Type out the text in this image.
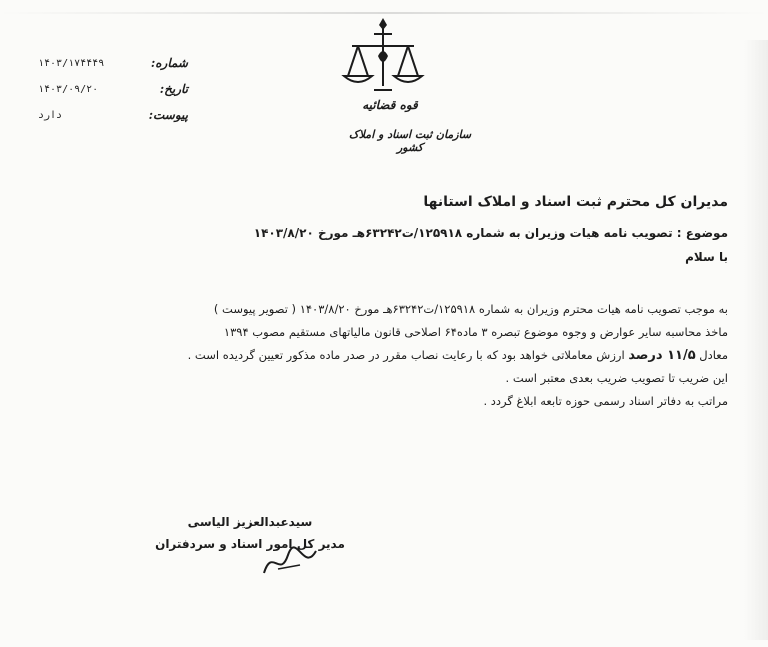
شماره:
۱۴۰۳/۱۷۴۴۴۹
تاریخ:
۱۴۰۳/۰۹/۲۰
پیوست:
دارد
قوه قضائیه
سازمان ثبت اسناد و املاک کشور
مدیران کل محترم ثبت اسناد و املاک استانها
موضوع : تصویب نامه هیات وزیران به شماره ۱۲۵۹۱۸/ت۶۳۲۴۲هـ مورخ ۱۴۰۳/۸/۲۰
با سلام

به موجب تصویب نامه هیات محترم وزیران به شماره ۱۲۵۹۱۸/ت۶۳۲۴۲هـ مورخ ۱۴۰۳/۸/۲۰ ( تصویر پیوست )

ماخذ محاسبه سایر عوارض و وجوه موضوع تبصره ۳ ماده۶۴ اصلاحی قانون مالیاتهای مستقیم مصوب ۱۳۹۴

معادل ۱۱/۵ درصد ارزش معاملاتی خواهد بود که با رعایت نصاب مقرر در صدر ماده مذکور تعیین گردیده است .

این ضریب تا تصویب ضریب بعدی معتبر است .

مراتب به دفاتر اسناد رسمی حوزه تابعه ابلاغ گردد .

سیدعبدالعزیز الیاسی
مدیر کل امور اسناد و سردفتران
